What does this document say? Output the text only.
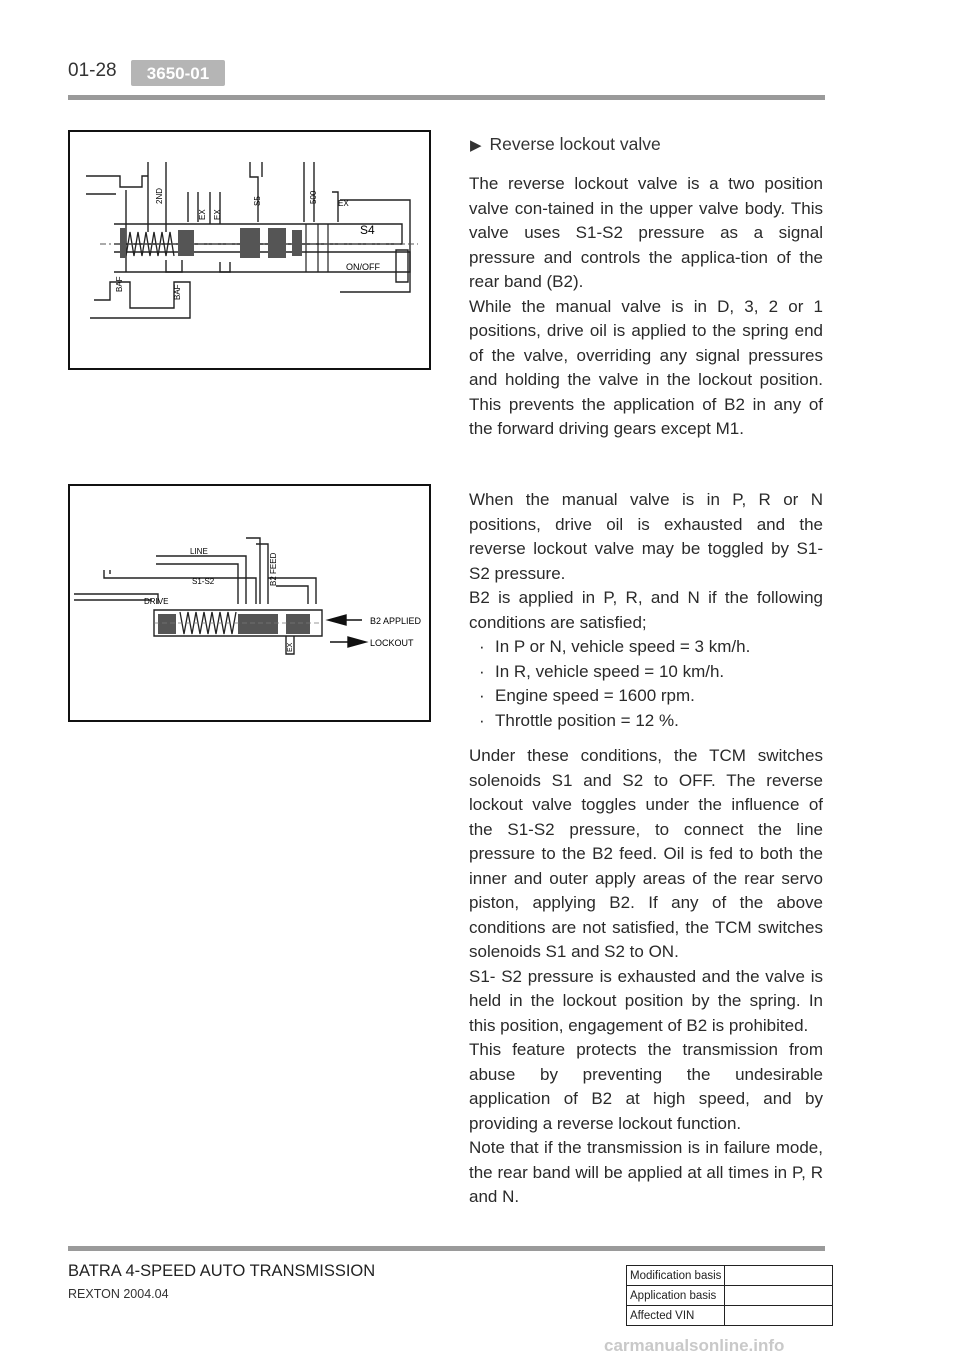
01-28	3650-01
2ND
EX EX
S5	500	EX
S4
ON/OFF
BAF
BAF
LINE
S1-S2
DRIVE
B2 FEED
EX
B2 APPLIED
LOCKOUT
▶ Reverse lockout valve

The reverse lockout valve is a two position valve con-tained in the upper valve body. This valve uses S1-S2 pressure as a signal pressure and controls the applica-tion of the rear band (B2).

While the manual valve is in D, 3, 2 or 1 positions, drive oil is applied to the spring end of the valve, overriding any signal pressures and holding the valve in the lockout position. This prevents the application of B2 in any of the forward driving gears except M1.

When the manual valve is in P, R or N positions, drive oil is exhausted and the reverse lockout valve may be toggled by S1-S2 pressure.

B2 is applied in P, R, and N if the following conditions are satisfied;

· In P or N, vehicle speed = 3 km/h.
· In R, vehicle speed = 10 km/h.
· Engine speed = 1600 rpm.
· Throttle position = 12 %.

Under these conditions, the TCM switches solenoids S1 and S2 to OFF. The reverse lockout valve toggles under the influence of the S1-S2 pressure, to connect the line pressure to the B2 feed. Oil is fed to both the inner and outer apply areas of the rear servo piston, applying B2. If any of the above conditions are not satisfied, the TCM switches solenoids S1 and S2 to ON.

S1- S2 pressure is exhausted and the valve is held in the lockout position by the spring. In this position, engagement of B2 is prohibited.

This feature protects the transmission from abuse by preventing the undesirable application of B2 at high speed, and by providing a reverse lockout function.

Note that if the transmission is in failure mode, the rear band will be applied at all times in P, R and N.

BATRA 4-SPEED AUTO TRANSMISSION
REXTON 2004.04
Modification basis	
Application basis	
Affected VIN	
carmanualsonline.info
